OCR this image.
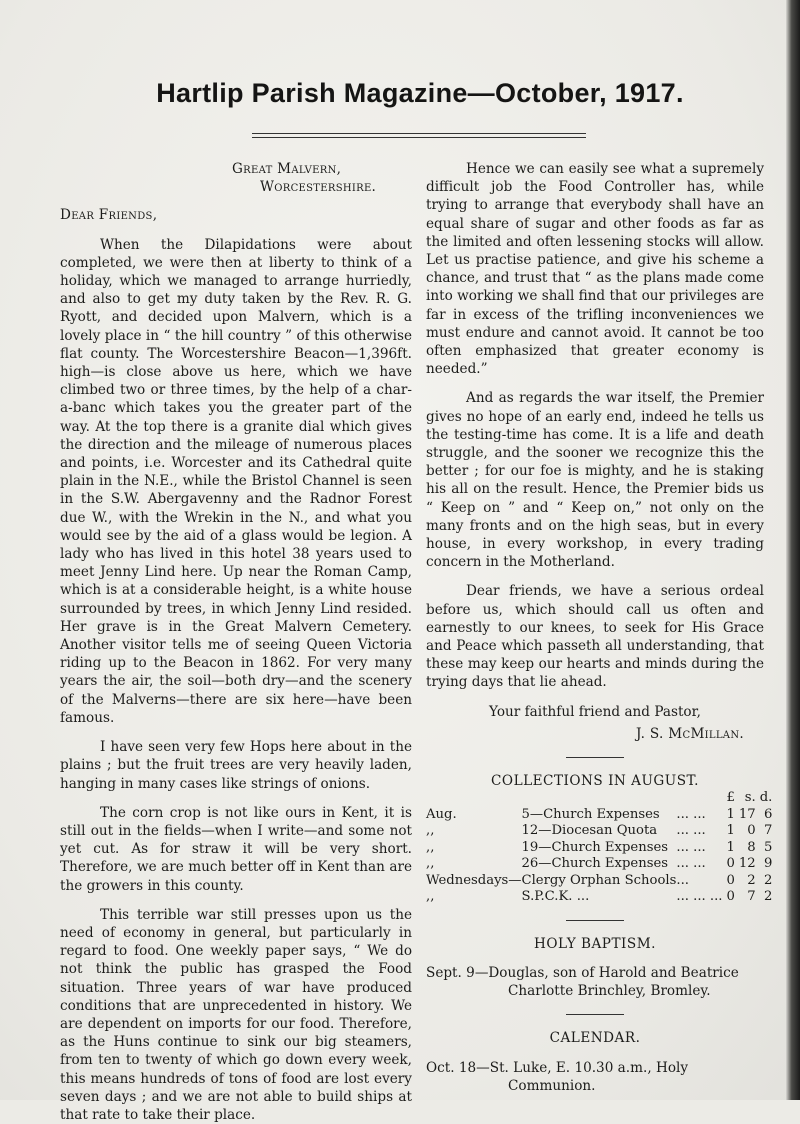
Hartlip Parish Magazine—October, 1917.

Great Malvern,

Worcestershire.

Dear Friends,

When the Dilapidations were about completed, we were then at liberty to think of a holiday, which we managed to arrange hurriedly, and also to get my duty taken by the Rev. R. G. Ryott, and decided upon Malvern, which is a lovely place in “ the hill country ” of this otherwise flat county. The Worcestershire Beacon—1,396ft. high—is close above us here, which we have climbed two or three times, by the help of a char-a-banc which takes you the greater part of the way. At the top there is a granite dial which gives the direction and the mileage of numerous places and points, i.e. Worcester and its Cathedral quite plain in the N.E., while the Bristol Channel is seen in the S.W. Abergavenny and the Radnor Forest due W., with the Wrekin in the N., and what you would see by the aid of a glass would be legion. A lady who has lived in this hotel 38 years used to meet Jenny Lind here. Up near the Roman Camp, which is at a considerable height, is a white house surrounded by trees, in which Jenny Lind resided. Her grave is in the Great Malvern Cemetery. Another visitor tells me of seeing Queen Victoria riding up to the Beacon in 1862. For very many years the air, the soil—both dry—and the scenery of the Malverns—there are six here—have been famous.

I have seen very few Hops here about in the plains ; but the fruit trees are very heavily laden, hanging in many cases like strings of onions.

The corn crop is not like ours in Kent, it is still out in the fields—when I write—and some not yet cut. As for straw it will be very short. Therefore, we are much better off in Kent than are the growers in this county.

This terrible war still presses upon us the need of economy in general, but particularly in regard to food. One weekly paper says, “ We do not think the public has grasped the Food situation. Three years of war have produced conditions that are unprecedented in history. We are dependent on imports for our food. Therefore, as the Huns continue to sink our big steamers, from ten to twenty of which go down every week, this means hundreds of tons of food are lost every seven days ; and we are not able to build ships at that rate to take their place.

Hence we can easily see what a supremely difficult job the Food Controller has, while trying to arrange that everybody shall have an equal share of sugar and other foods as far as the limited and often lessening stocks will allow. Let us practise patience, and give his scheme a chance, and trust that “ as the plans made come into working we shall find that our privileges are far in excess of the trifling inconveniences we must endure and cannot avoid. It cannot be too often emphasized that greater economy is needed.”

And as regards the war itself, the Premier gives no hope of an early end, indeed he tells us the testing-time has come. It is a life and death struggle, and the sooner we recognize this the better ; for our foe is mighty, and he is staking his all on the result. Hence, the Premier bids us “ Keep on ” and “ Keep on,” not only on the many fronts and on the high seas, but in every house, in every workshop, in every trading concern in the Motherland.

Dear friends, we have a serious ordeal before us, which should call us often and earnestly to our knees, to seek for His Grace and Peace which passeth all understanding, that these may keep our hearts and minds during the trying days that lie ahead.

Your faithful friend and Pastor,

J. S. McMillan.

COLLECTIONS IN AUGUST.

			£	s.	d.
Aug.	5—Church Expenses	... ...	1	17	6
,,	12—Diocesan Quota	... ...	1	0	7
,,	19—Church Expenses	... ...	1	8	5
,,	26—Church Expenses	... ...	0	12	9
Wednesdays—	Clergy Orphan Schools	...	0	2	2
,,	S.P.C.K. ...	... ... ...	0	7	2

HOLY BAPTISM.

Sept. 9—Douglas, son of Harold and Beatrice Charlotte Brinchley, Bromley.

CALENDAR.

Oct. 18—St. Luke, E. 10.30 a.m., Holy Communion.
